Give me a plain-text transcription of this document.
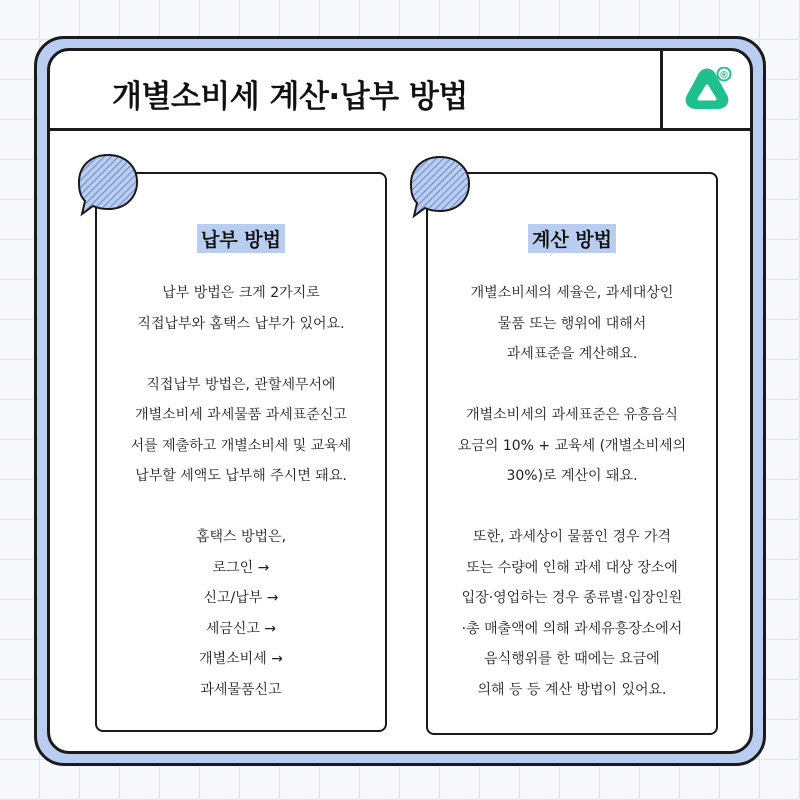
개별소비세 계산·납부 방법
®
납부 방법
납부 방법은 크게 2가지로
직접납부와 홈택스 납부가 있어요.
직접납부 방법은, 관할세무서에
개별소비세 과세물품 과세표준신고
서를 제출하고 개별소비세 및 교육세
납부할 세액도 납부해 주시면 돼요.
홈택스 방법은,
로그인 →
신고/납부 →
세금신고 →
개별소비세 →
과세물품신고
계산 방법
개별소비세의 세율은, 과세대상인
물품 또는 행위에 대해서
과세표준을 계산해요.
개별소비세의 과세표준은 유흥음식
요금의 10% + 교육세 (개별소비세의
30%)로 계산이 돼요.
또한, 과세상이 물품인 경우 가격
또는 수량에 인해 과세 대상 장소에
입장·영업하는 경우 종류별·입장인원
·총 매출액에 의해 과세유흥장소에서
음식행위를 한 때에는 요금에
의해 등 등 계산 방법이 있어요.
